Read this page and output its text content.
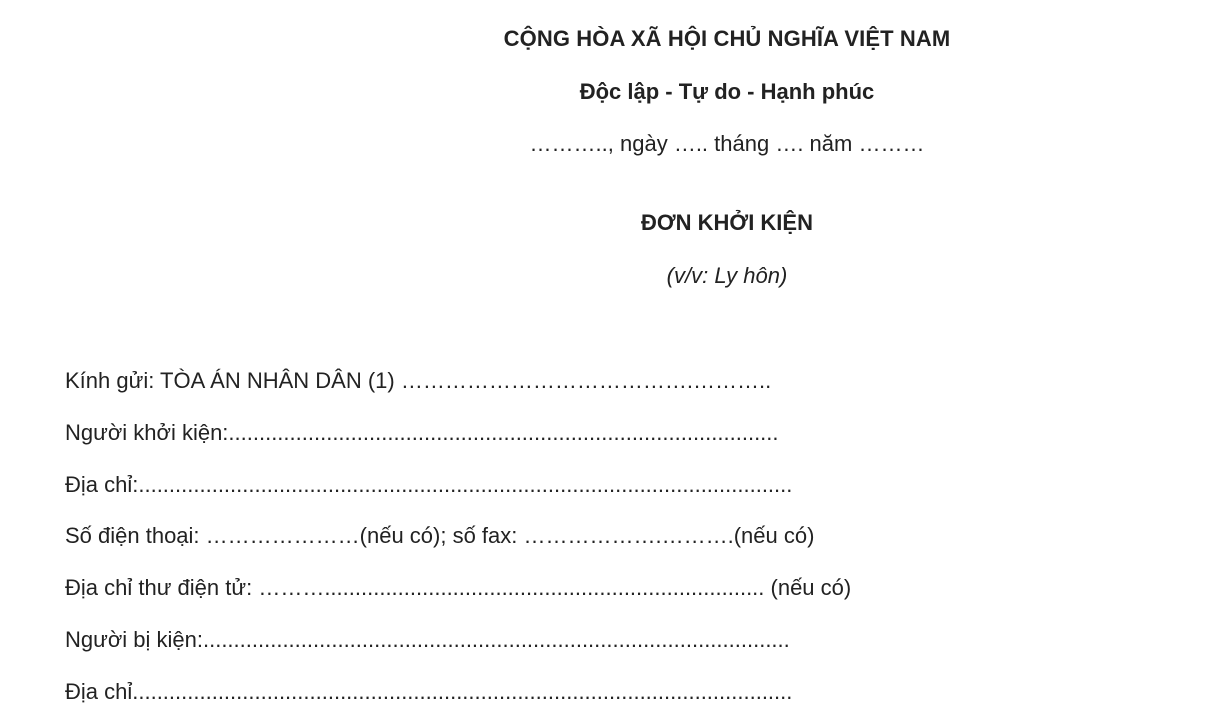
CỘNG HÒA XÃ HỘI CHỦ NGHĨA VIỆT NAM
Độc lập - Tự do - Hạnh phúc
……….., ngày ….. tháng …. năm ………
ĐƠN KHỞI KIỆN
(v/v: Ly hôn)
Kính gửi: TÒA ÁN NHÂN DÂN (1) ………………………………….………..
Người khởi kiện:..........................................................................................
Địa chỉ:...........................................................................................................
Số điện thoại: …………………(nếu có); số fax: ……………….……….(nếu có)
Địa chỉ thư điện tử: ………........................................................................ (nếu có)
Người bị kiện:................................................................................................
Địa chỉ............................................................................................................
